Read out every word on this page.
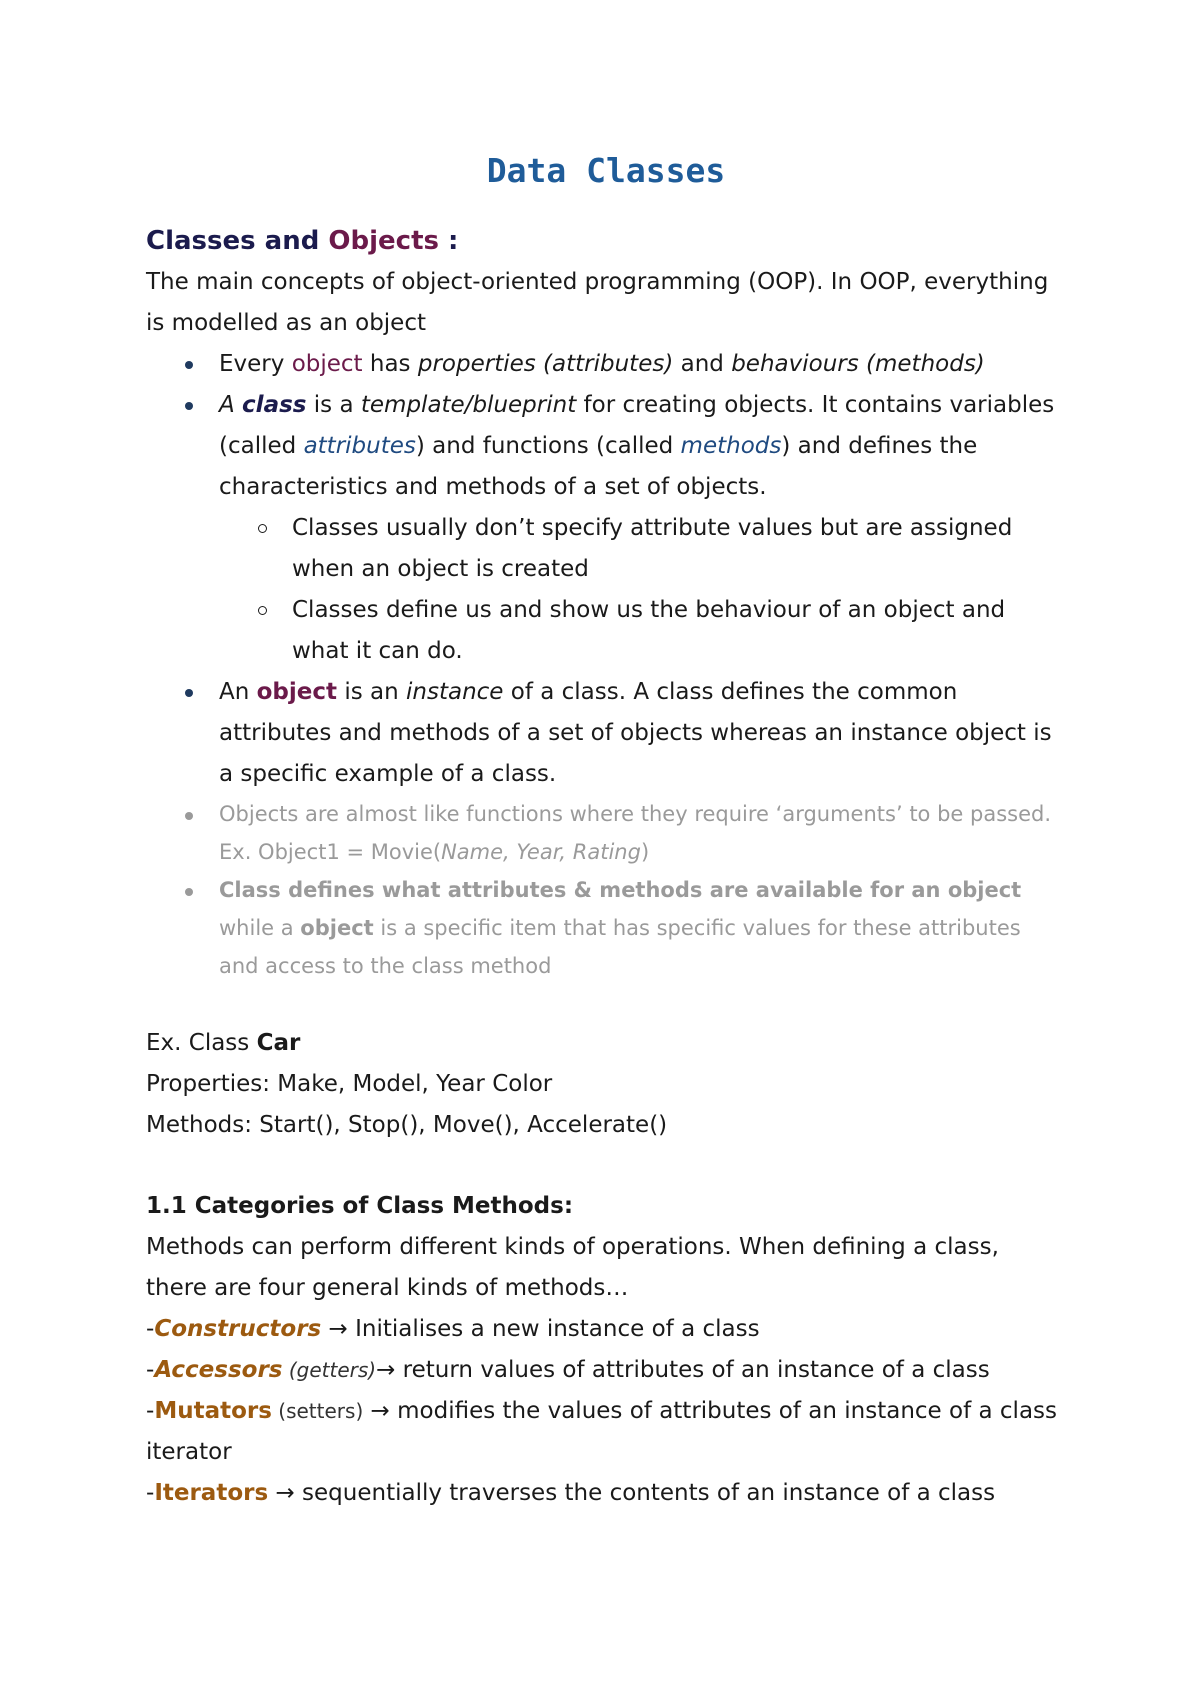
Data Classes
Classes and Objects :

The main concepts of object-oriented programming (OOP). In OOP, everything is modelled as an object

Every object has properties (attributes) and behaviours (methods)
A class is a template/blueprint for creating objects. It contains variables (called attributes) and functions (called methods) and defines the characteristics and methods of a set of objects.
Classes usually don’t specify attribute values but are assigned when an object is created
Classes define us and show us the behaviour of an object and what it can do.
An object is an instance of a class. A class defines the common attributes and methods of a set of objects whereas an instance object is a specific example of a class.
Objects are almost like functions where they require ‘arguments’ to be passed. Ex. Object1 = Movie(Name, Year, Rating)
Class defines what attributes & methods are available for an object while a object is a specific item that has specific values for these attributes and access to the class method

Ex. Class Car

Properties: Make, Model, Year Color

Methods: Start(), Stop(), Move(), Accelerate()

1.1 Categories of Class Methods:

Methods can perform different kinds of operations. When defining a class, there are four general kinds of methods…

-Constructors → Initialises a new instance of a class

-Accessors (getters)→ return values of attributes of an instance of a class

-Mutators (setters) → modifies the values of attributes of an instance of a class iterator

-Iterators → sequentially traverses the contents of an instance of a class
